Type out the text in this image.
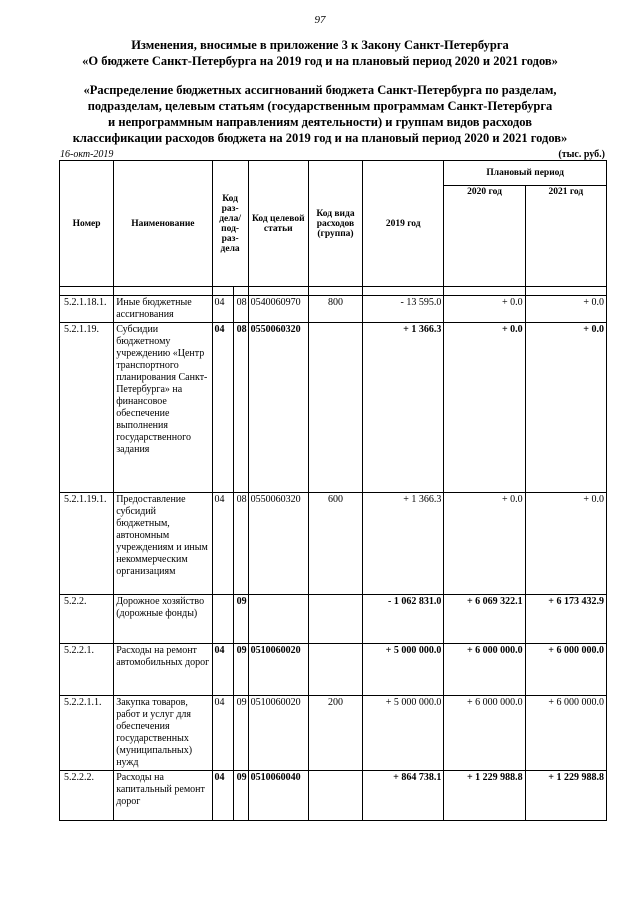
97
Изменения, вносимые в приложение 3 к Закону Санкт-Петербурга
«О бюджете Санкт-Петербурга на 2019 год и на плановый период 2020 и 2021 годов»
«Распределение бюджетных ассигнований бюджета Санкт-Петербурга по разделам,
подразделам, целевым статьям (государственным программам Санкт-Петербурга
и непрограммным направлениям деятельности) и группам видов расходов
классификации расходов бюджета на 2019 год и на плановый период 2020 и 2021 годов»
16-окт-2019	(тыс. руб.)
Номер	Наименование	Код раз-дела/ под-раз-дела		Код целевой статьи	Код вида расходов (группа)	2019 год	Плановый период	
							2020 год	2021 год

5.2.1.18.1.	Иные бюджетные ассигнования	04	08	0540060970	800	- 13 595.0	+ 0.0	+ 0.0
5.2.1.19.	Субсидии бюджетному учреждению «Центр транспортного планирования Санкт-Петербурга» на финансовое обеспечение выполнения государственного задания	04	08	0550060320		+ 1 366.3	+ 0.0	+ 0.0
5.2.1.19.1.	Предоставление субсидий бюджетным, автономным учреждениям и иным некоммерческим организациям	04	08	0550060320	600	+ 1 366.3	+ 0.0	+ 0.0
5.2.2.	Дорожное хозяйство (дорожные фонды)		09			- 1 062 831.0	+ 6 069 322.1	+ 6 173 432.9
5.2.2.1.	Расходы на ремонт автомобильных дорог	04	09	0510060020		+ 5 000 000.0	+ 6 000 000.0	+ 6 000 000.0
5.2.2.1.1.	Закупка товаров, работ и услуг для обеспечения государственных (муниципальных) нужд	04	09	0510060020	200	+ 5 000 000.0	+ 6 000 000.0	+ 6 000 000.0
5.2.2.2.	Расходы на капитальный ремонт дорог	04	09	0510060040		+ 864 738.1	+ 1 229 988.8	+ 1 229 988.8
